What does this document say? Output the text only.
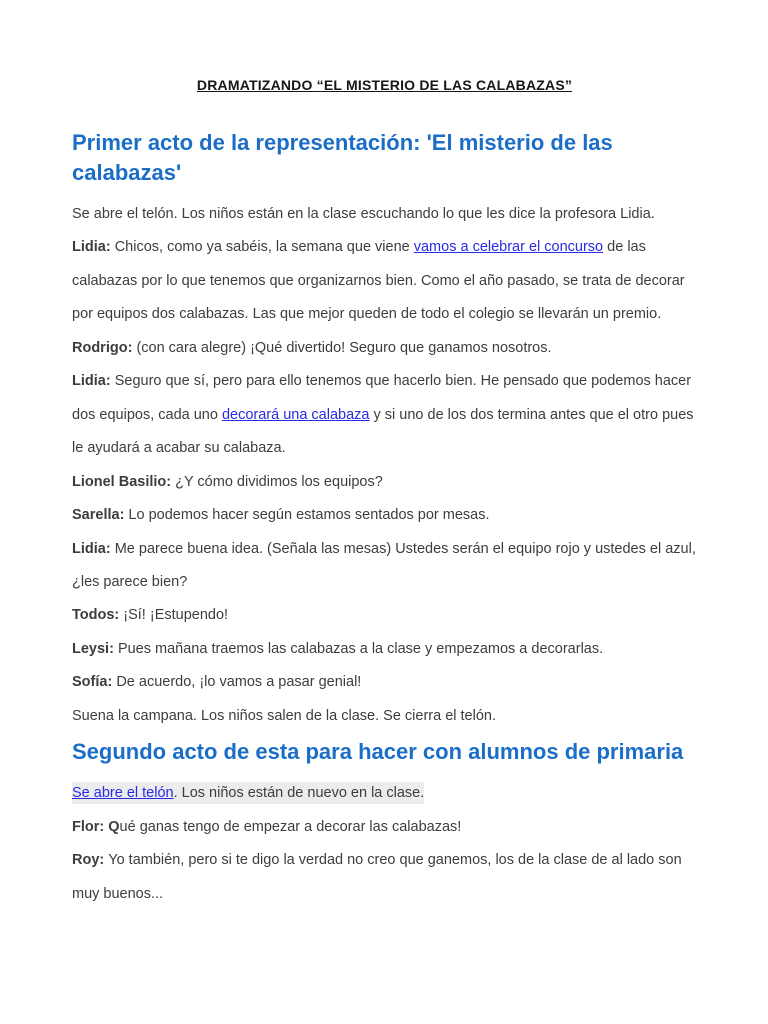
DRAMATIZANDO “EL MISTERIO DE LAS CALABAZAS”
Primer acto de la representación: 'El misterio de las calabazas'

Se abre el telón. Los niños están en la clase escuchando lo que les dice la profesora Lidia.

Lidia: Chicos, como ya sabéis, la semana que viene vamos a celebrar el concurso de las calabazas por lo que tenemos que organizarnos bien. Como el año pasado, se trata de decorar por equipos dos calabazas. Las que mejor queden de todo el colegio se llevarán un premio.

Rodrigo: (con cara alegre) ¡Qué divertido! Seguro que ganamos nosotros.

Lidia: Seguro que sí, pero para ello tenemos que hacerlo bien. He pensado que podemos hacer dos equipos, cada uno decorará una calabaza y si uno de los dos termina antes que el otro pues le ayudará a acabar su calabaza.

Lionel Basilio: ¿Y cómo dividimos los equipos?

Sarella: Lo podemos hacer según estamos sentados por mesas.

Lidia: Me parece buena idea. (Señala las mesas) Ustedes serán el equipo rojo y ustedes el azul, ¿les parece bien?

Todos: ¡Sí! ¡Estupendo!

Leysi: Pues mañana traemos las calabazas a la clase y empezamos a decorarlas.

Sofía: De acuerdo, ¡lo vamos a pasar genial!

Suena la campana. Los niños salen de la clase. Se cierra el telón.

Segundo acto de esta para hacer con alumnos de primaria

Se abre el telón. Los niños están de nuevo en la clase.

Flor: Qué ganas tengo de empezar a decorar las calabazas!

Roy: Yo también, pero si te digo la verdad no creo que ganemos, los de la clase de al lado son muy buenos...
